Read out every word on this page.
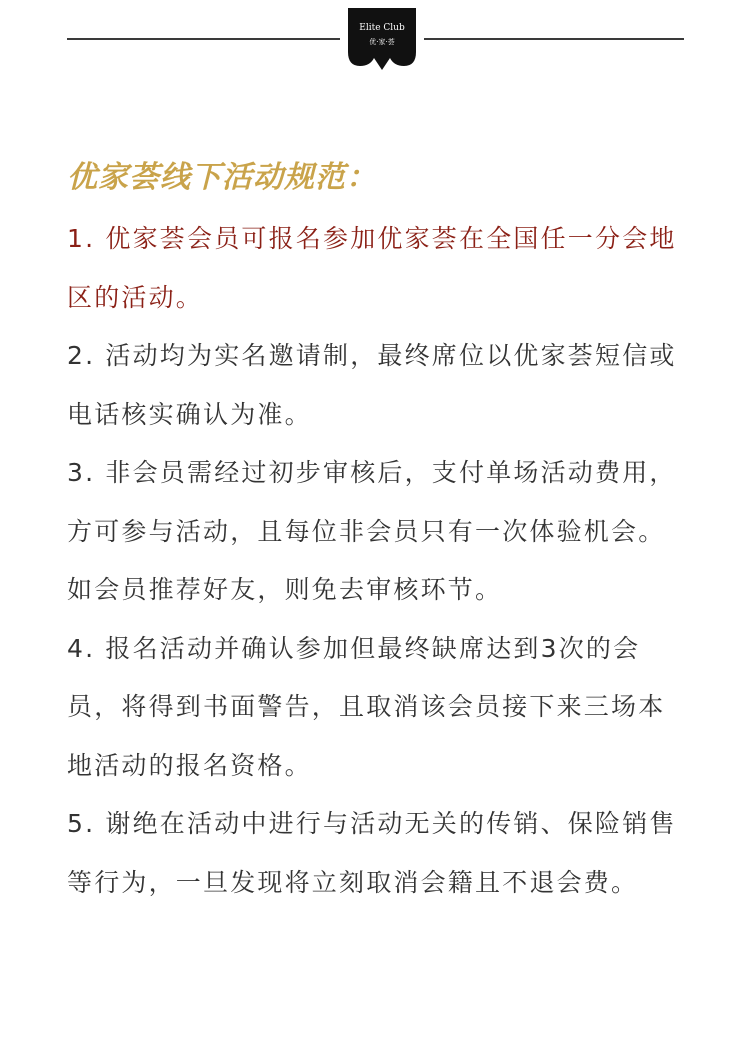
Elite Club
优·家·荟
优家荟线下活动规范：
1. 优家荟会员可报名参加优家荟在全国任一分会地区的活动。
2. 活动均为实名邀请制，最终席位以优家荟短信或电话核实确认为准。
3. 非会员需经过初步审核后，支付单场活动费用，方可参与活动，且每位非会员只有一次体验机会。如会员推荐好友，则免去审核环节。
4. 报名活动并确认参加但最终缺席达到3次的会员，将得到书面警告，且取消该会员接下来三场本地活动的报名资格。
5. 谢绝在活动中进行与活动无关的传销、保险销售等行为，一旦发现将立刻取消会籍且不退会费。
